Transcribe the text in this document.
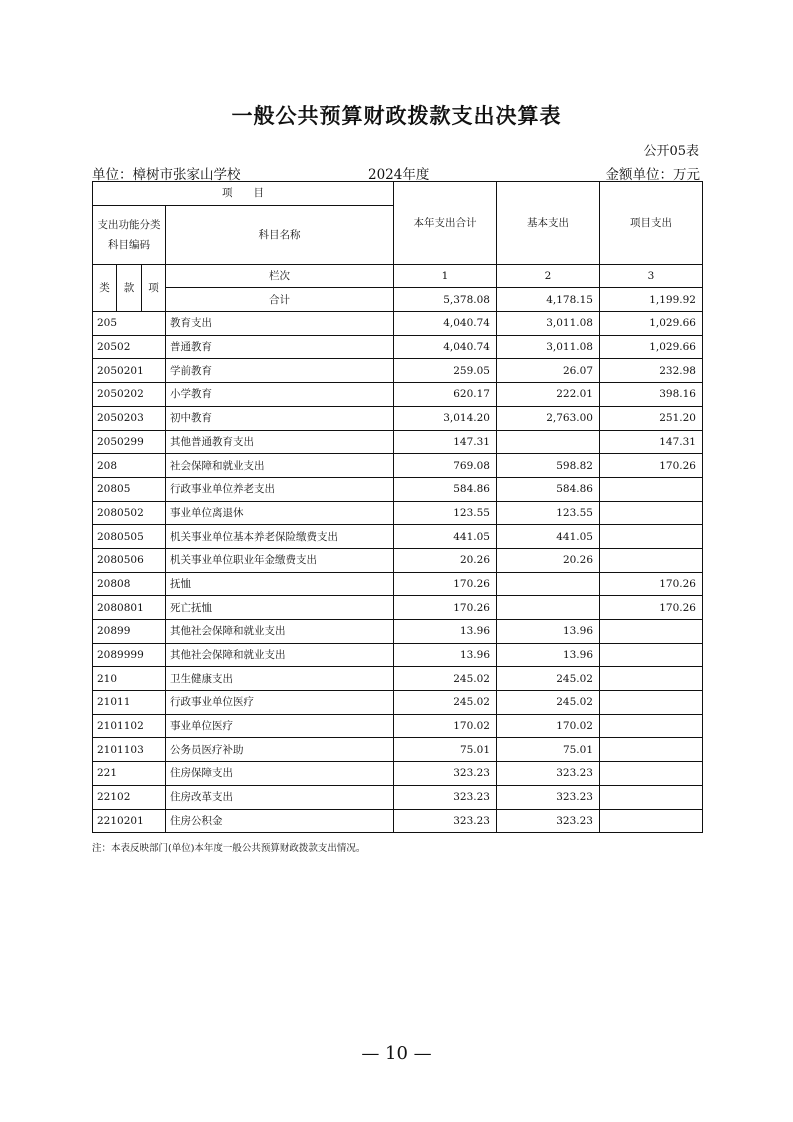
一般公共预算财政拨款支出决算表
公开05表
单位：樟树市张家山学校	2024年度	金额单位：万元
项　　目				本年支出合计	基本支出	项目支出
支出功能分类科目编码			科目名称			

类	款	项	栏次	1	2	3
			合计	5,378.08	4,178.15	1,199.92
205			教育支出	4,040.74	3,011.08	1,029.66
20502			普通教育	4,040.74	3,011.08	1,029.66
2050201			学前教育	259.05	26.07	232.98
2050202			小学教育	620.17	222.01	398.16
2050203			初中教育	3,014.20	2,763.00	251.20
2050299			其他普通教育支出	147.31		147.31
208			社会保障和就业支出	769.08	598.82	170.26
20805			行政事业单位养老支出	584.86	584.86	
2080502			事业单位离退休	123.55	123.55	
2080505			机关事业单位基本养老保险缴费支出	441.05	441.05	
2080506			机关事业单位职业年金缴费支出	20.26	20.26	
20808			抚恤	170.26		170.26
2080801			死亡抚恤	170.26		170.26
20899			其他社会保障和就业支出	13.96	13.96	
2089999			其他社会保障和就业支出	13.96	13.96	
210			卫生健康支出	245.02	245.02	
21011			行政事业单位医疗	245.02	245.02	
2101102			事业单位医疗	170.02	170.02	
2101103			公务员医疗补助	75.01	75.01	
221			住房保障支出	323.23	323.23	
22102			住房改革支出	323.23	323.23	
2210201			住房公积金	323.23	323.23	
注：本表反映部门(单位)本年度一般公共预算财政拨款支出情况。
— 10 —
